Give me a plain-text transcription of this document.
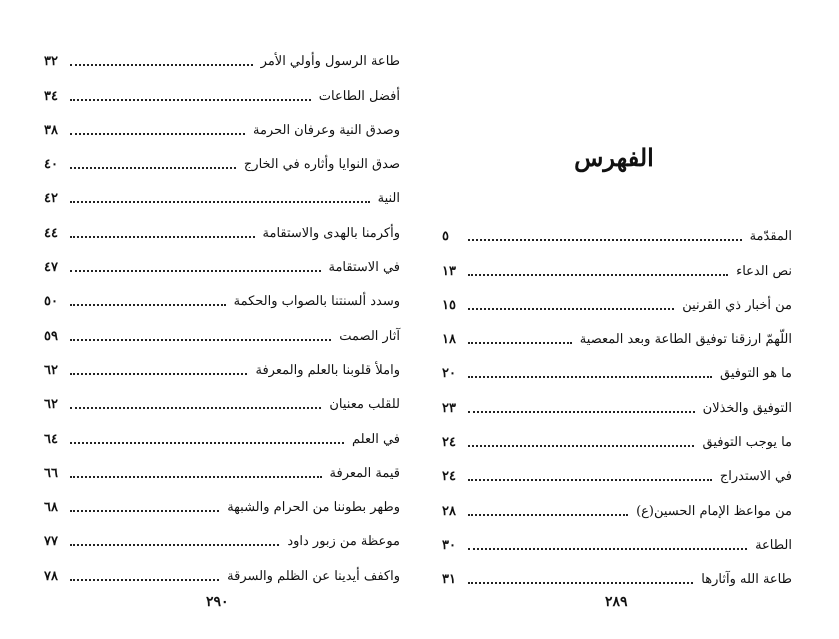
طاعة الرسول وأولي الأمر
٣٢
أفضل الطاعات
٣٤
وصدق النية وعرفان الحرمة
٣٨
صدق النوايا وأثاره في الخارج
٤٠
النية
٤٢
وأكرمنا بالهدى والاستقامة
٤٤
في الاستقامة
٤٧
وسدد ألسنتنا بالصواب والحكمة
٥٠
آثار الصمت
٥٩
واملأ قلوبنا بالعلم والمعرفة
٦٢
للقلب معنيان
٦٢
في العلم
٦٤
قيمة المعرفة
٦٦
وطهر بطوننا من الحرام والشبهة
٦٨
موعظة من زبور داود
٧٧
واكفف أيدينا عن الظلم والسرقة
٧٨
٢٩٠
المقدّمة
٥
نص الدعاء
١٣
من أخبار ذي القرنين
١٥
اللّهمّ ارزقنا توفيق الطاعة وبعد المعصية
١٨
ما هو التوفيق
٢٠
التوفيق والخذلان
٢٣
ما يوجب التوفيق
٢٤
في الاستدراج
٢٤
من مواعظ الإمام الحسين(ع)
٢٨
الطاعة
٣٠
طاعة الله وآثارها
٣١
٢٨٩
الفهرس
